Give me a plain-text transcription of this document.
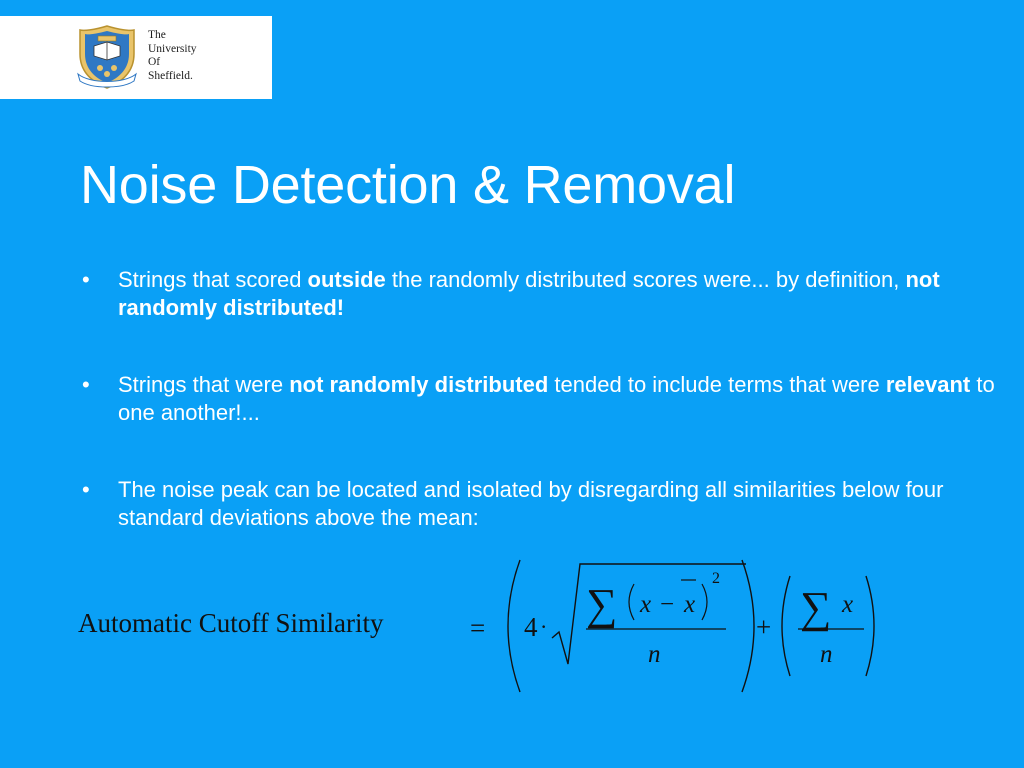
The
University
Of
Sheffield.
Noise Detection & Removal
• Strings that scored outside the randomly distributed scores were... by definition, not randomly distributed!
• Strings that were not randomly distributed tended to include terms that were relevant to one another!...
• The noise peak can be located and isolated by disregarding all similarities below four standard deviations above the mean:
Automatic Cutoff Similarity	= 4 · ∑ x − x
2
n
+ ∑ x
n
